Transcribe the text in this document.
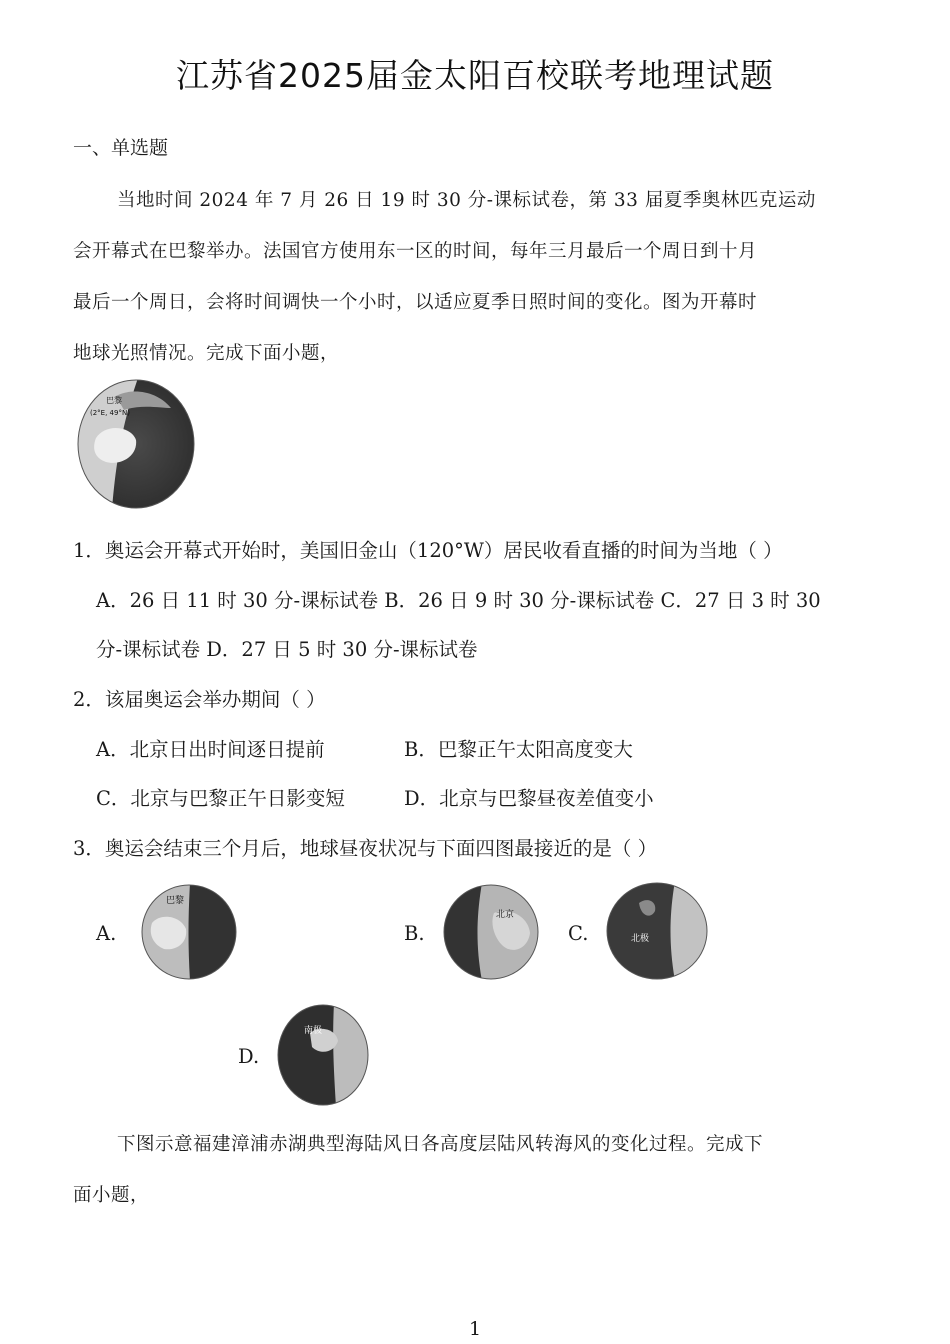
江苏省2025届金太阳百校联考地理试题
一、单选题
当地时间 2024 年 7 月 26 日 19 时 30 分-课标试卷，第 33 届夏季奥林匹克运动
会开幕式在巴黎举办。法国官方使用东一区的时间，每年三月最后一个周日到十月
最后一个周日，会将时间调快一个小时，以适应夏季日照时间的变化。图为开幕时
地球光照情况。完成下面小题，
巴黎
(2°E, 49°N)
1．奥运会开幕式开始时，美国旧金山（120°W）居民收看直播的时间为当地（ ）
A．26 日 11 时 30 分-课标试卷 B．26 日 9 时 30 分-课标试卷 C．27 日 3 时 30
分-课标试卷 D．27 日 5 时 30 分-课标试卷
2．该届奥运会举办期间（ ）
A．北京日出时间逐日提前	B．巴黎正午太阳高度变大
C．北京与巴黎正午日影变短	D．北京与巴黎昼夜差值变小
3．奥运会结束三个月后，地球昼夜状况与下面四图最接近的是（ ）
A.
巴黎
B.
北京
C.	北极
D.
南极
下图示意福建漳浦赤湖典型海陆风日各高度层陆风转海风的变化过程。完成下
面小题，
1
